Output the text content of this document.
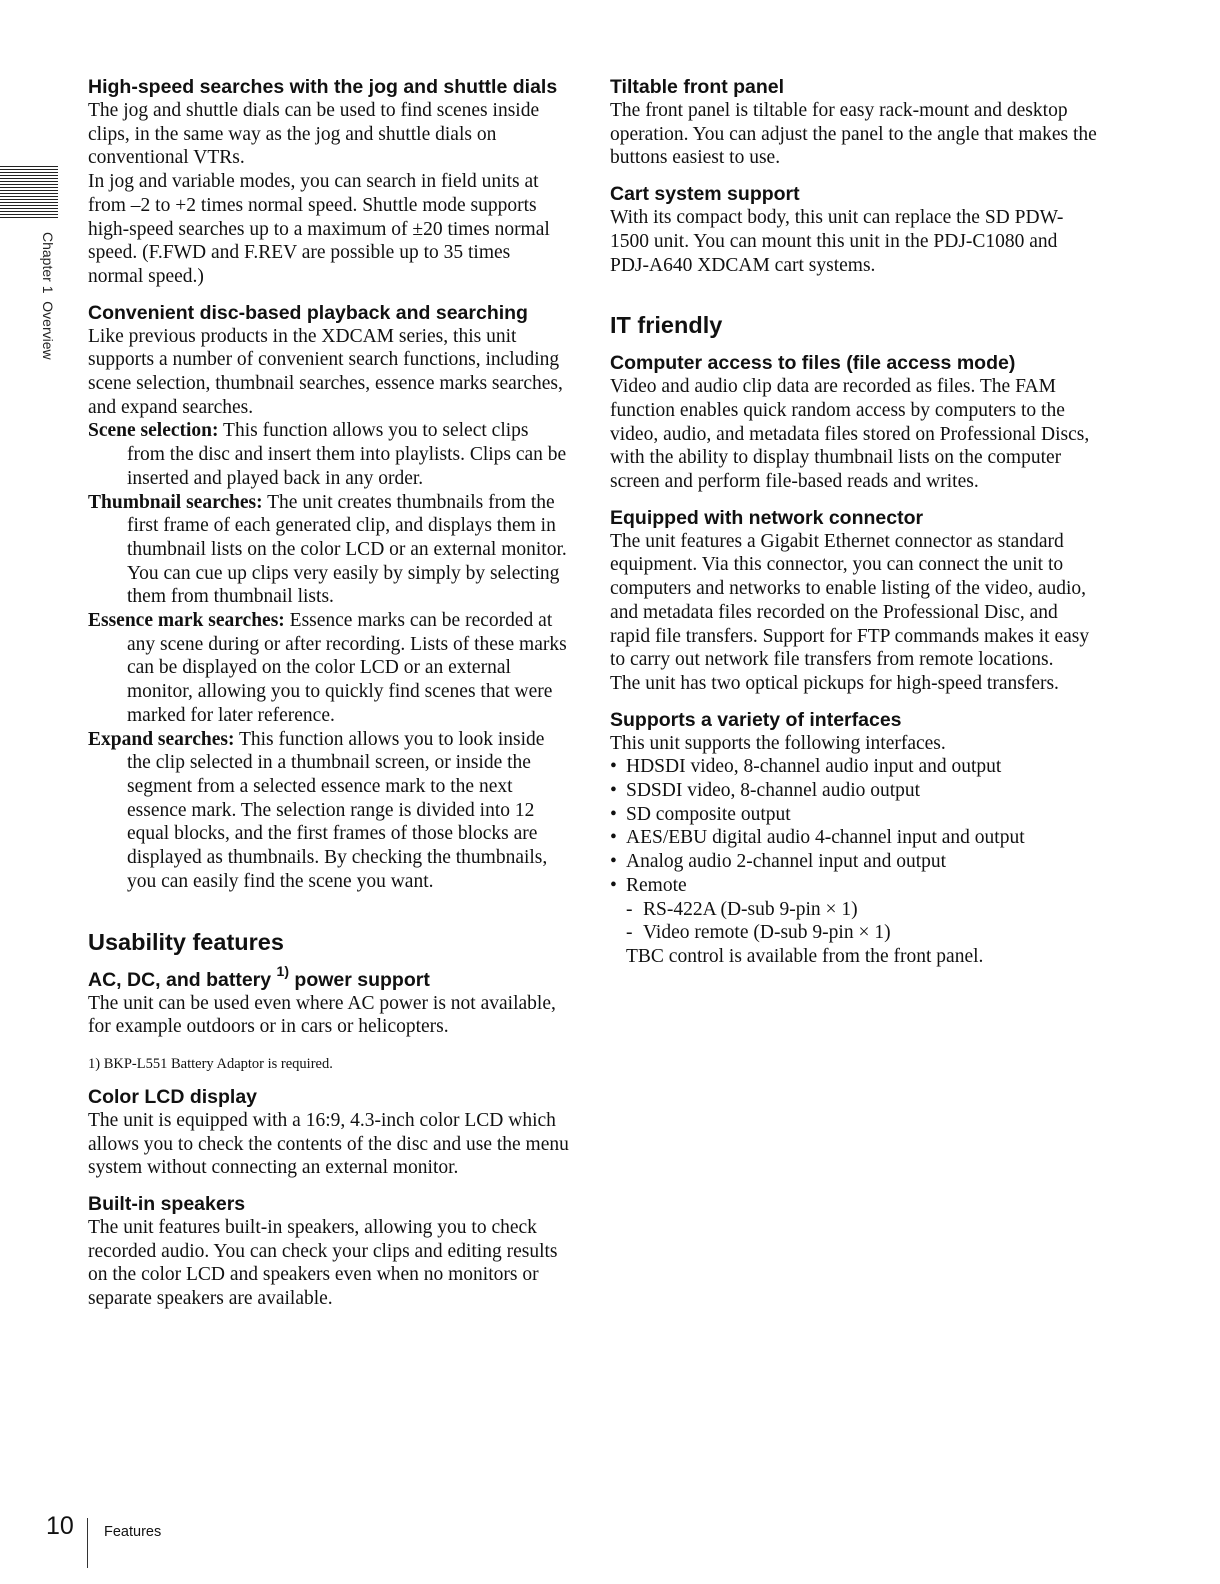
Chapter 1  Overview
High-speed searches with the jog and shuttle dials

The jog and shuttle dials can be used to find scenes inside clips, in the same way as the jog and shuttle dials on conventional VTRs.

In jog and variable modes, you can search in field units at from –2 to +2 times normal speed. Shuttle mode supports high-speed searches up to a maximum of ±20 times normal speed. (F.FWD and F.REV are possible up to 35 times normal speed.)

Convenient disc-based playback and searching

Like previous products in the XDCAM series, this unit supports a number of convenient search functions, including scene selection, thumbnail searches, essence marks searches, and expand searches.

Scene selection: This function allows you to select clips from the disc and insert them into playlists. Clips can be inserted and played back in any order.

Thumbnail searches: The unit creates thumbnails from the first frame of each generated clip, and displays them in thumbnail lists on the color LCD or an external monitor. You can cue up clips very easily by simply by selecting them from thumbnail lists.

Essence mark searches: Essence marks can be recorded at any scene during or after recording. Lists of these marks can be displayed on the color LCD or an external monitor, allowing you to quickly find scenes that were marked for later reference.

Expand searches: This function allows you to look inside the clip selected in a thumbnail screen, or inside the segment from a selected essence mark to the next essence mark. The selection range is divided into 12 equal blocks, and the first frames of those blocks are displayed as thumbnails. By checking the thumbnails, you can easily find the scene you want.

Usability features
AC, DC, and battery $^{1)}$ power support

The unit can be used even where AC power is not available, for example outdoors or in cars or helicopters.

1) BKP-L551 Battery Adaptor is required.

Color LCD display

The unit is equipped with a 16:9, 4.3-inch color LCD which allows you to check the contents of the disc and use the menu system without connecting an external monitor.

Built-in speakers

The unit features built-in speakers, allowing you to check recorded audio. You can check your clips and editing results on the color LCD and speakers even when no monitors or separate speakers are available.

Tiltable front panel

The front panel is tiltable for easy rack-mount and desktop operation. You can adjust the panel to the angle that makes the buttons easiest to use.

Cart system support

With its compact body, this unit can replace the SD PDW-1500 unit. You can mount this unit in the PDJ-C1080 and PDJ-A640 XDCAM cart systems.

IT friendly
Computer access to files (file access mode)

Video and audio clip data are recorded as files. The FAM function enables quick random access by computers to the video, audio, and metadata files stored on Professional Discs, with the ability to display thumbnail lists on the computer screen and perform file-based reads and writes.

Equipped with network connector

The unit features a Gigabit Ethernet connector as standard equipment. Via this connector, you can connect the unit to computers and networks to enable listing of the video, audio, and metadata files recorded on the Professional Disc, and rapid file transfers. Support for FTP commands makes it easy to carry out network file transfers from remote locations.

The unit has two optical pickups for high-speed transfers.

Supports a variety of interfaces

This unit supports the following interfaces.

• HDSDI video, 8-channel audio input and output
• SDSDI video, 8-channel audio output
• SD composite output
• AES/EBU digital audio 4-channel input and output
• Analog audio 2-channel input and output
• Remote
- RS-422A (D-sub 9-pin × 1)
- Video remote (D-sub 9-pin × 1)
TBC control is available from the front panel.
10 Features
